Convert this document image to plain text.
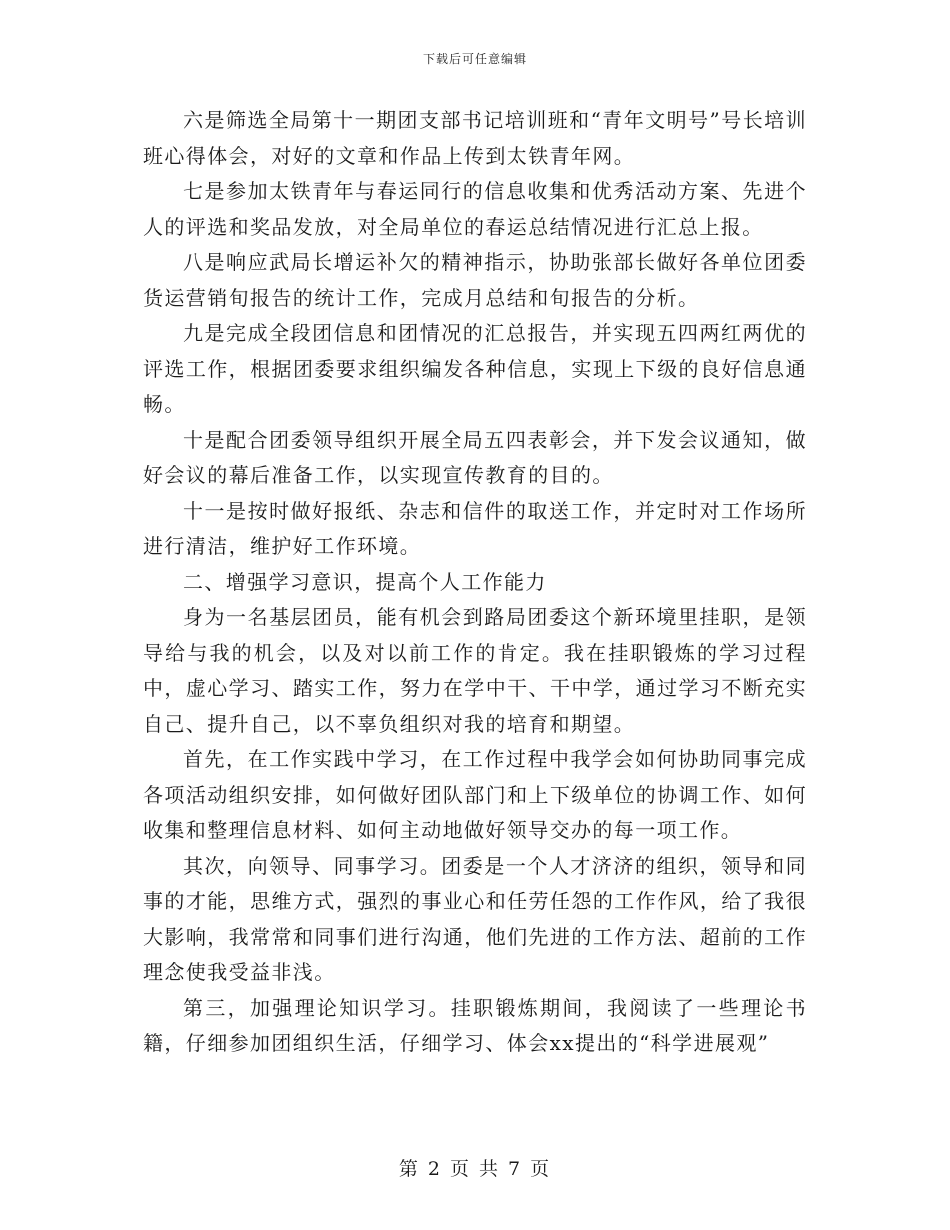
下载后可任意编辑

六是筛选全局第十一期团支部书记培训班和“青年文明号”号长培训班心得体会，对好的文章和作品上传到太铁青年网。

七是参加太铁青年与春运同行的信息收集和优秀活动方案、先进个人的评选和奖品发放，对全局单位的春运总结情况进行汇总上报。

八是响应武局长增运补欠的精神指示，协助张部长做好各单位团委货运营销旬报告的统计工作，完成月总结和旬报告的分析。

九是完成全段团信息和团情况的汇总报告，并实现五四两红两优的评选工作，根据团委要求组织编发各种信息，实现上下级的良好信息通畅。

十是配合团委领导组织开展全局五四表彰会，并下发会议通知，做好会议的幕后准备工作，以实现宣传教育的目的。

十一是按时做好报纸、杂志和信件的取送工作，并定时对工作场所进行清洁，维护好工作环境。

二、增强学习意识，提高个人工作能力

身为一名基层团员，能有机会到路局团委这个新环境里挂职，是领导给与我的机会，以及对以前工作的肯定。我在挂职锻炼的学习过程中，虚心学习、踏实工作，努力在学中干、干中学，通过学习不断充实自己、提升自己，以不辜负组织对我的培育和期望。

首先，在工作实践中学习，在工作过程中我学会如何协助同事完成各项活动组织安排，如何做好团队部门和上下级单位的协调工作、如何收集和整理信息材料、如何主动地做好领导交办的每一项工作。

其次，向领导、同事学习。团委是一个人才济济的组织，领导和同事的才能，思维方式，强烈的事业心和任劳任怨的工作作风，给了我很大影响，我常常和同事们进行沟通，他们先进的工作方法、超前的工作理念使我受益非浅。

第三，加强理论知识学习。挂职锻炼期间，我阅读了一些理论书籍，仔细参加团组织生活，仔细学习、体会xx提出的“科学进展观”

第 2 页 共 7 页
